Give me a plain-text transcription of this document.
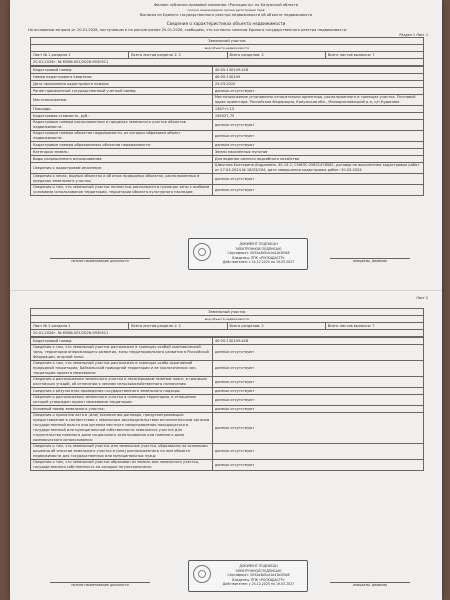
Филиал публично-правовой компании «Роскадастр» по Калужской области
полное наименование органа регистрации прав
Выписка из Единого государственного реестра недвижимости об объекте недвижимости
Сведения о характеристиках объекта недвижимости
На основании запроса от 20.01.2026, поступившего на рассмотрение 20.01.2026, сообщаем, что согласно записям Единого государственного реестра недвижимости:
Раздел 1 Лист 1
Земельный участок
вид объекта недвижимости
Лист № 1 раздела 1	Всего листов раздела 1: 2	Всего разделов: 2	Всего листов выписки: 7
20.01.2026г. № КУВИ-001/2026-9930511
Кадастровый номер:	40:05:130109:428
Номер кадастрового квартала:	40:05:130109
Дата присвоения кадастрового номера:	25.03.2020
Ранее присвоенный государственный учетный номер:	данные отсутствуют
Местоположение:	Местоположение установлено относительно ориентира, расположенного в границах участка. Почтовый адрес ориентира: Российская Федерация, Калужская обл., Малоярославецкий р-н, с/п Кудиново
Площадь:	1367+/-13
Кадастровая стоимость, руб.:	194527,75
Кадастровые номера расположенных в пределах земельного участка объектов недвижимости:	данные отсутствуют
Кадастровые номера объектов недвижимости, из которых образован объект недвижимости:	данные отсутствуют
Кадастровые номера образованных объектов недвижимости:	данные отсутствуют
Категория земель:	Земли населённых пунктов
Виды разрешенного использования:	Для ведения личного подсобного хозяйства
Сведения о кадастровом инженере:	Шмыгова Екатерина Андреевна, 40-15-1, СНИЛС 05831478562, договор на выполнение кадастровых работ от 27.03.2024 № 18/03/204, дата завершения кадастровых работ: 20.03.2024
Сведения о лесах, водных объектах и об иных природных объектах, расположенных в пределах земельного участка:	данные отсутствуют
Сведения о том, что земельный участок полностью расположен в границах зоны с особыми условиями использования территории, территории объекта культурного наследия:	данные отсутствуют
ДОКУМЕНТ ПОДПИСАН
ЭЛЕКТРОННОЙ ПОДПИСЬЮ
Сертификат: 0092a4b5cd1e41b2f0d8
Владелец: ППК «РОСКАДАСТР»
Действителен: с 24.12.2025 по 19.03.2027
полное наименование должности	инициалы, фамилия
Лист 2
Земельный участок
вид объекта недвижимости
Лист № 2 раздела 1	Всего листов раздела 1: 2	Всего разделов: 2	Всего листов выписки: 7
20.01.2026г. № КУВИ-001/2026-9930511
Кадастровый номер:	40:05:130109:428
Сведения о том, что земельный участок расположен в границах особой экономической зоны, территории опережающего развития, зоны территориального развития в Российской Федерации, игорной зоны:	данные отсутствуют
Сведения о том, что земельный участок расположен в границах особо охраняемой природной территории, Байкальской природной территории и ее экологических зон, территории проекта межевания:	данные отсутствуют
Сведения о расположении земельного участка в лесопарковом зеленом поясе, в границах охотничьих угодий, об отнесении к землям сельскохозяйственного назначения:	данные отсутствуют
Сведения о результатах проведения государственного земельного надзора:	данные отсутствуют
Сведения о расположении земельного участка в границах территории, в отношении которой утвержден проект межевания территории:	данные отсутствуют
Условный номер земельного участка:	данные отсутствуют
Сведения о принятии акта и (или) заключении договора, предусматривающих предоставление в соответствии с земельным законодательством исполнительным органом государственной власти или органом местного самоуправления находящегося в государственной или муниципальной собственности земельного участка для строительства наемного дома социального использования или наемного дома коммерческого использования:	данные отсутствуют
Сведения о том, что земельный участок или земельные участки, образованы на основании решения об изъятии земельного участка и (или) расположенного на нем объекта недвижимости для государственных или муниципальных нужд:	данные отсутствуют
Сведения о том, что земельный участок образован из земель или земельного участка, государственная собственность на которые не разграничена:	данные отсутствуют
ДОКУМЕНТ ПОДПИСАН
ЭЛЕКТРОННОЙ ПОДПИСЬЮ
Сертификат: 0092a4b5cd1e41b2f0d8
Владелец: ППК «РОСКАДАСТР»
Действителен: с 24.12.2025 по 19.03.2027
полное наименование должности	инициалы, фамилия
